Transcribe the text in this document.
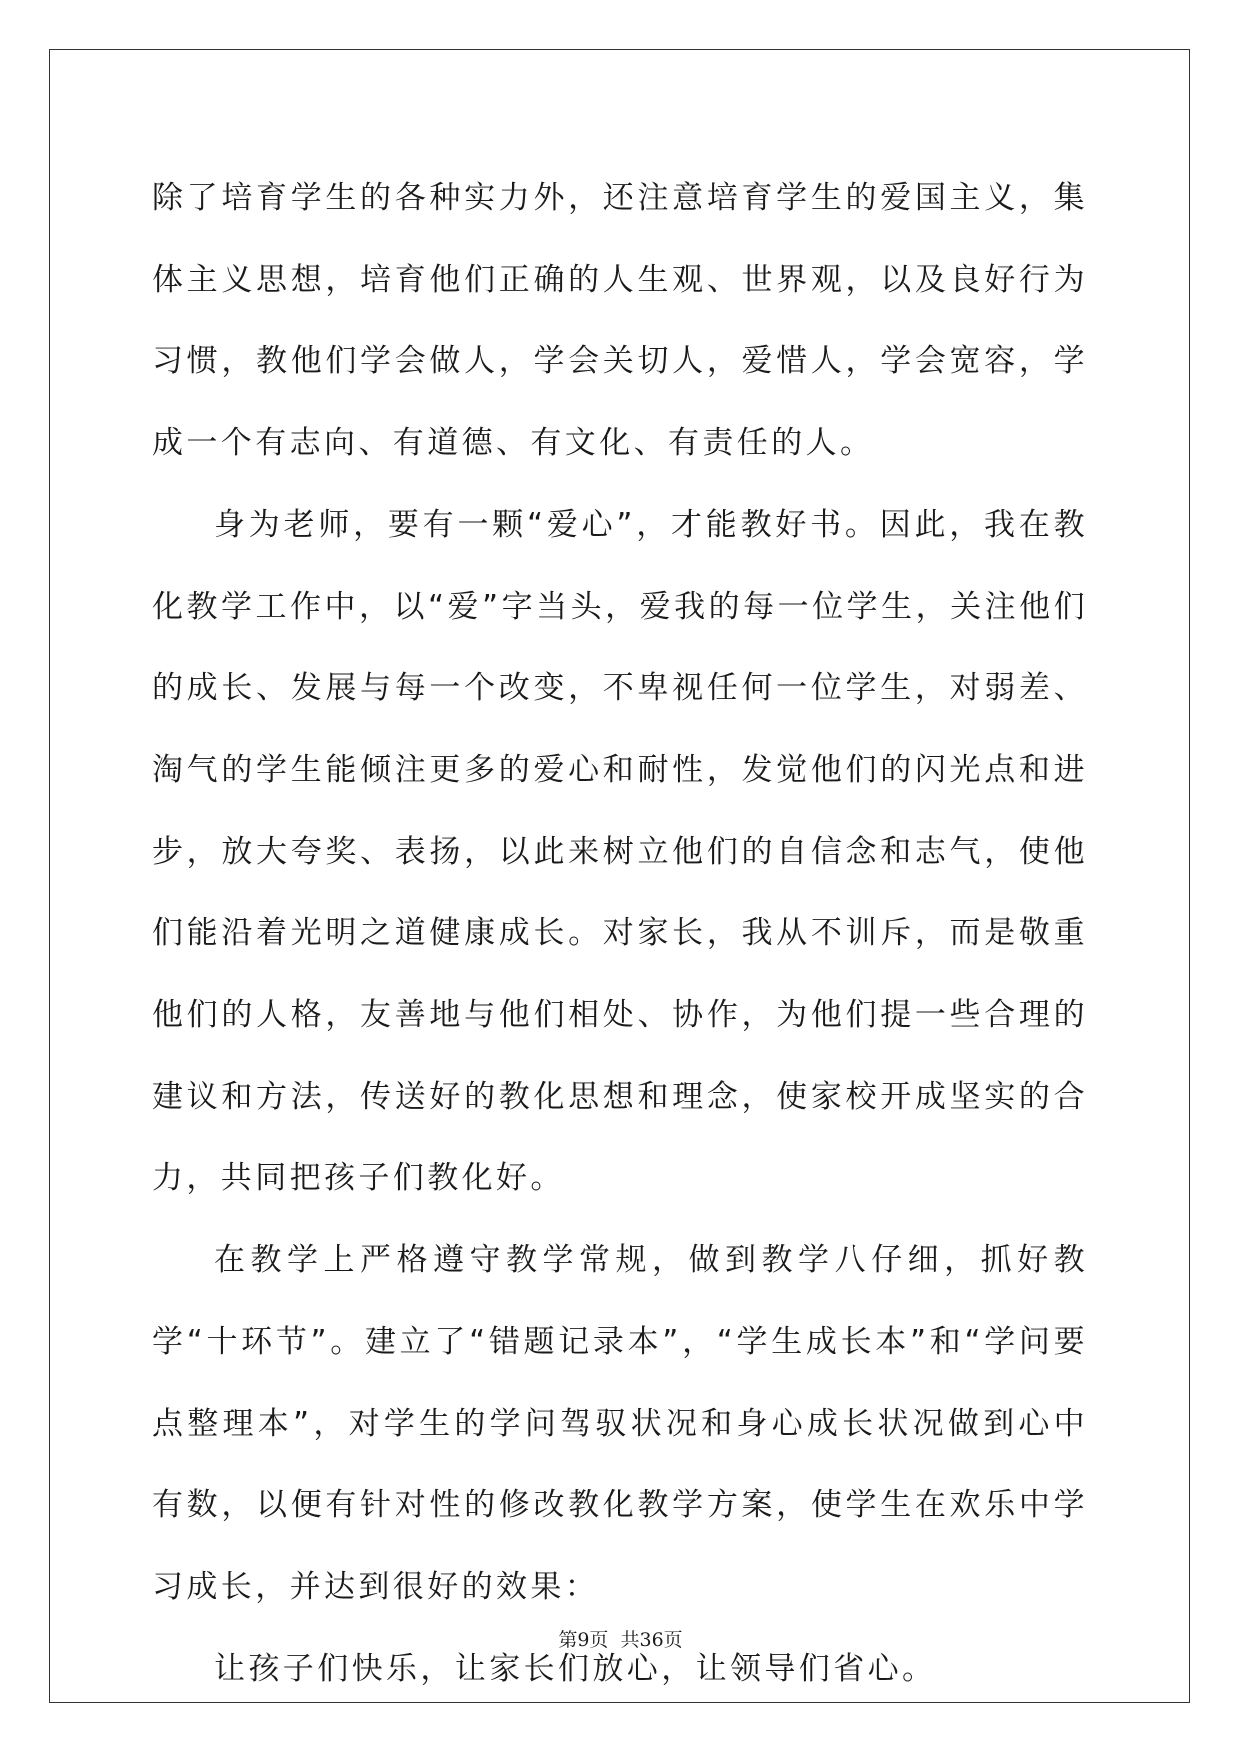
除了培育学生的各种实力外，还注意培育学生的爱国主义，集体主义思想，培育他们正确的人生观、世界观，以及良好行为习惯，教他们学会做人，学会关切人，爱惜人，学会宽容，学成一个有志向、有道德、有文化、有责任的人。

身为老师，要有一颗“爱心”，才能教好书。因此，我在教化教学工作中，以“爱”字当头，爱我的每一位学生，关注他们的成长、发展与每一个改变，不卑视任何一位学生，对弱差、淘气的学生能倾注更多的爱心和耐性，发觉他们的闪光点和进步，放大夸奖、表扬，以此来树立他们的自信念和志气，使他们能沿着光明之道健康成长。对家长，我从不训斥，而是敬重他们的人格，友善地与他们相处、协作，为他们提一些合理的建议和方法，传送好的教化思想和理念，使家校开成坚实的合力，共同把孩子们教化好。

在教学上严格遵守教学常规，做到教学八仔细，抓好教学“十环节”。建立了“错题记录本”，“学生成长本”和“学问要点整理本”，对学生的学问驾驭状况和身心成长状况做到心中有数，以便有针对性的修改教化教学方案，使学生在欢乐中学习成长，并达到很好的效果：

让孩子们快乐，让家长们放心，让领导们省心。

第9页 共36页
